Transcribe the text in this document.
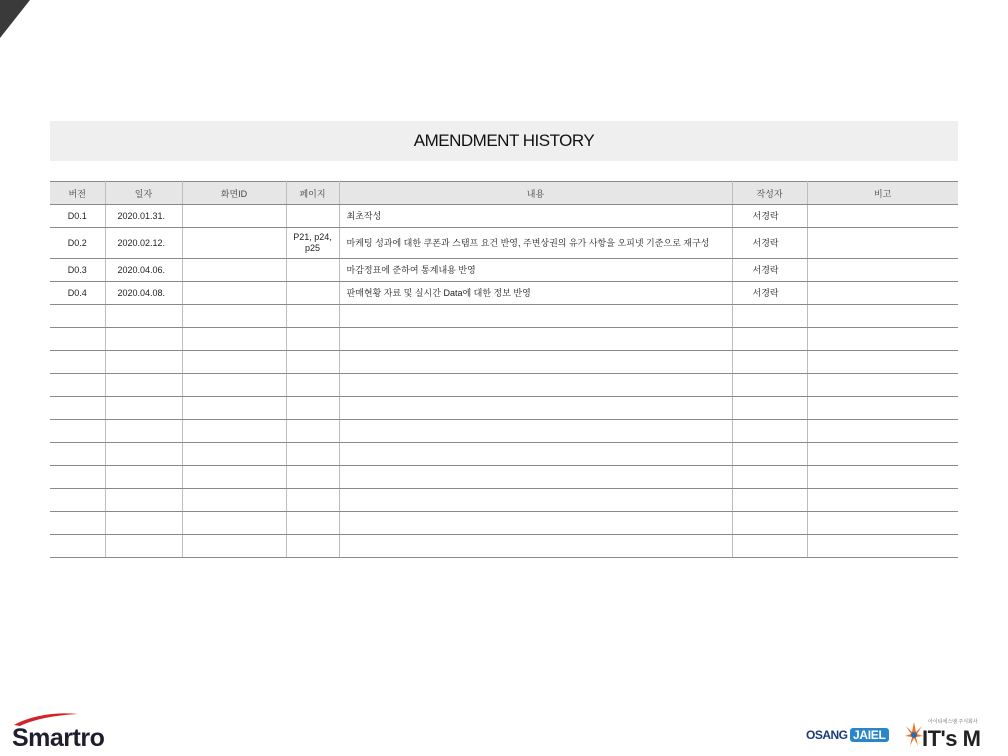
AMENDMENT HISTORY
버전	일자	화면ID	페이지	내용	작성자	비고
D0.1	2020.01.31.			최초작성	서경락	
D0.2	2020.02.12.		P21, p24, p25	마케팅 성과에 대한 쿠폰과 스탬프 요건 반영, 주변상권의 유가 사항을 오피넷 기준으로 재구성	서경락	
D0.3	2020.04.06.			마감정표에 준하여 통계내용 반영	서경락	
D0.4	2020.04.08.			판매현황 자료 및 실시간 Data에 대한 정보 반영	서경락	

Smartro	OSANG JAIEL
아이티에스엠 주식회사
IT's M
